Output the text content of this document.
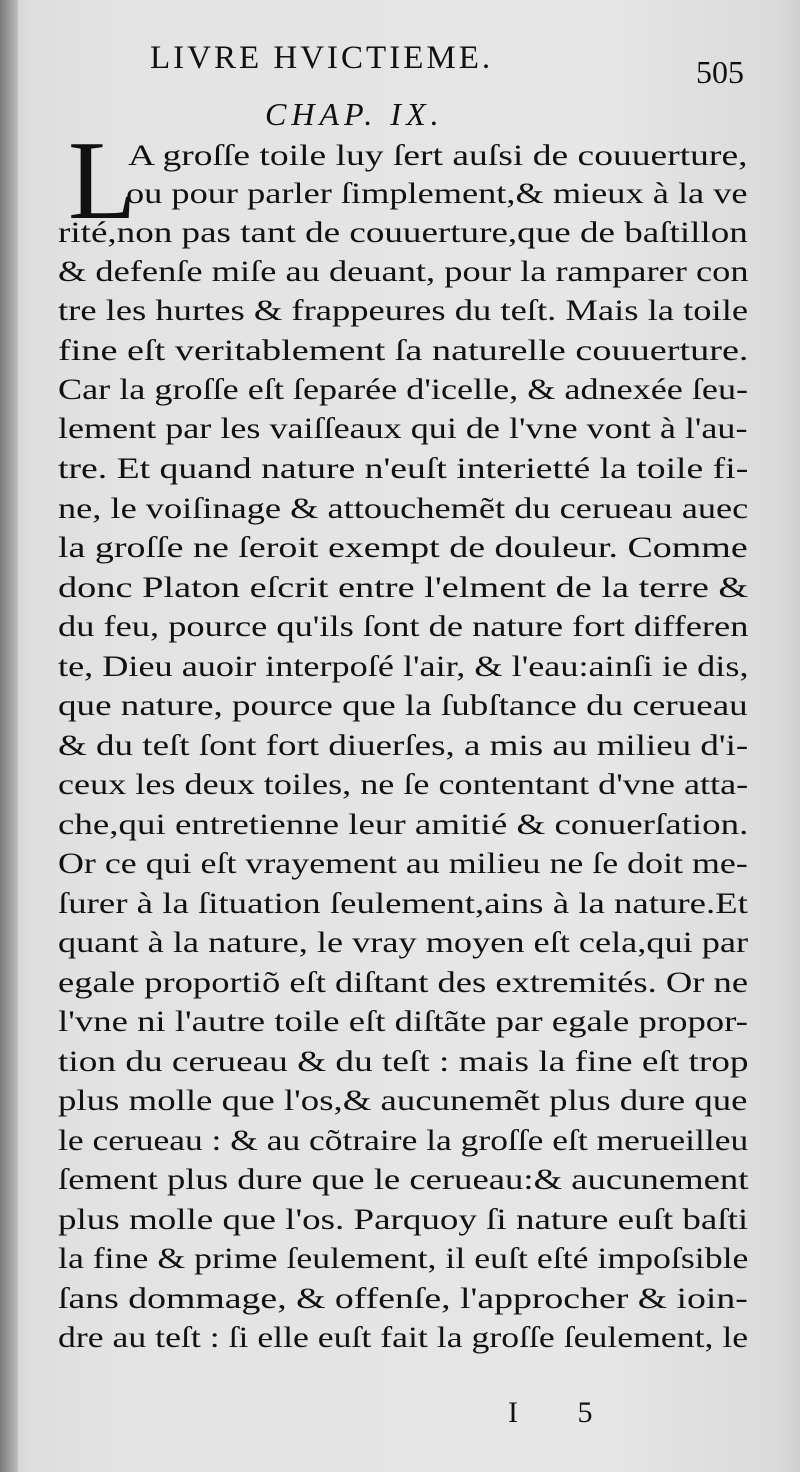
LIVRE HVICTIEME.	505
CHAP. IX.
L
A groſſe toile luy ſert auſsi de couuerture,
ou pour parler ſimplement,& mieux à la ve
rité,non pas tant de couuerture,que de baſtillon
& defenſe miſe au deuant, pour la ramparer con
tre les hurtes & frappeures du teſt. Mais la toile
fine eſt veritablement ſa naturelle couuerture.
Car la groſſe eſt ſeparée d'icelle, & adnexée ſeu-
lement par les vaiſſeaux qui de l'vne vont à l'au-
tre. Et quand nature n'euſt interietté la toile fi-
ne, le voiſinage & attouchemẽt du cerueau auec
la groſſe ne ſeroit exempt de douleur. Comme
donc Platon eſcrit entre l'elment de la terre &
du feu, pource qu'ils ſont de nature fort differen
te, Dieu auoir interpoſé l'air, & l'eau:ainſi ie dis,
que nature, pource que la ſubſtance du cerueau
& du teſt ſont fort diuerſes, a mis au milieu d'i-
ceux les deux toiles, ne ſe contentant d'vne atta-
che,qui entretienne leur amitié & conuerſation.
Or ce qui eſt vrayement au milieu ne ſe doit me-
ſurer à la ſituation ſeulement,ains à la nature.Et
quant à la nature, le vray moyen eſt cela,qui par
egale proportiõ eſt diſtant des extremités. Or ne
l'vne ni l'autre toile eſt diſtãte par egale propor-
tion du cerueau & du teſt : mais la fine eſt trop
plus molle que l'os,& aucunemẽt plus dure que
le cerueau : & au cõtraire la groſſe eſt merueilleu
ſement plus dure que le cerueau:& aucunement
plus molle que l'os. Parquoy ſi nature euſt baſti
la fine & prime ſeulement, il euſt eſté impoſsible
ſans dommage, & offenſe, l'approcher & ioin-
dre au teſt : ſi elle euſt fait la groſſe ſeulement, le
I 5
